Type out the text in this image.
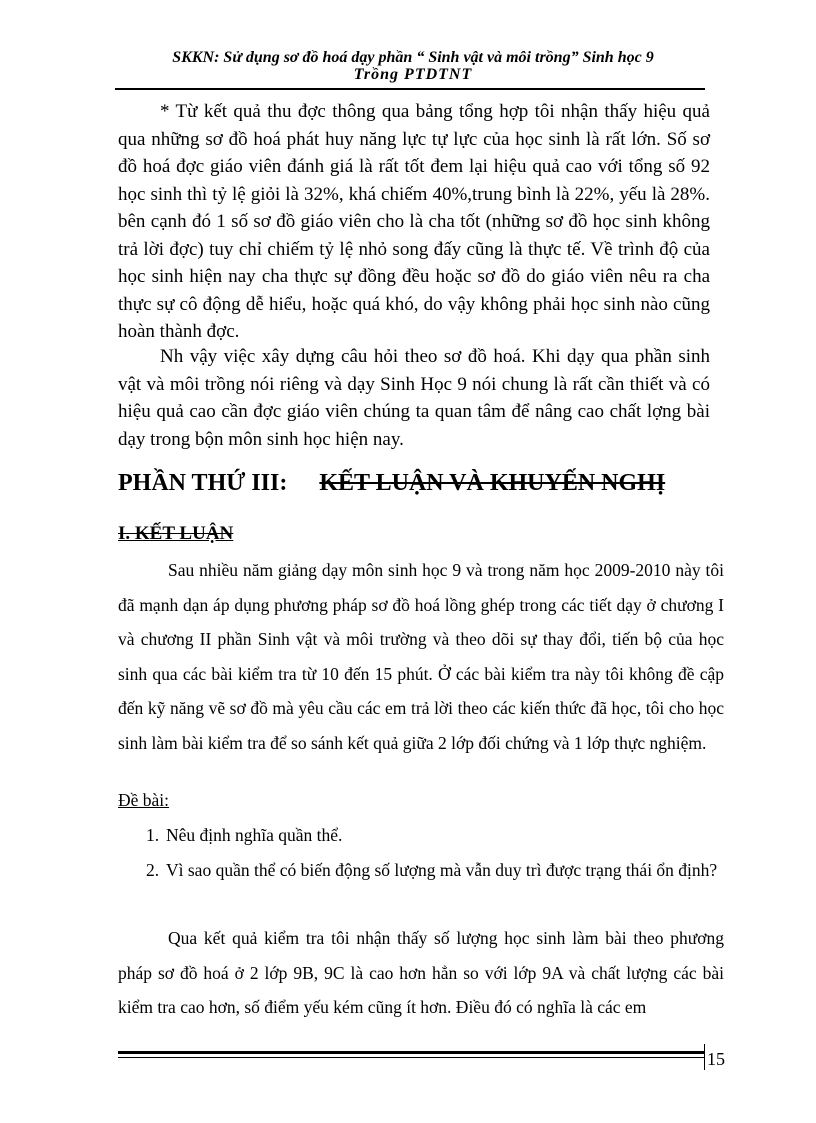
SKKN: Sử dụng sơ đồ hoá dạy phần “ Sinh vật và môi trồng” Sinh học 9
Trồng PTDTNT

* Từ kết quả thu đợc thông qua bảng tổng hợp tôi nhận thấy hiệu quả qua những sơ đồ hoá phát huy năng lực tự lực của học sinh là rất lớn. Số sơ đồ hoá đợc giáo viên đánh giá là rất tốt đem lại hiệu quả cao với tổng số 92 học sinh thì tỷ lệ giỏi là 32%, khá chiếm 40%,trung bình là 22%, yếu là 28%. bên cạnh đó 1 số sơ đồ giáo viên cho là cha tốt (những sơ đồ học sinh không trả lời đợc) tuy chỉ chiếm tỷ lệ nhỏ song đấy cũng là thực tế. Về trình độ của học sinh hiện nay cha thực sự đồng đều hoặc sơ đồ do giáo viên nêu ra cha thực sự cô động dễ hiểu, hoặc quá khó, do vậy không phải học sinh nào cũng hoàn thành đợc.

Nh vậy việc xây dựng câu hỏi theo sơ đồ hoá. Khi dạy qua phần sinh vật và môi trồng nói riêng và dạy Sinh Học 9 nói chung là rất cần thiết và có hiệu quả cao cần đợc giáo viên chúng ta quan tâm để nâng cao chất lợng bài dạy trong bộn môn sinh học hiện nay.

PHẦN THỨ III: KẾT LUẬN VÀ KHUYẾN NGHỊ
I. KẾT LUẬN

Sau nhiều năm giảng dạy môn sinh học 9 và trong năm học 2009-2010 này tôi đã mạnh dạn áp dụng phương pháp sơ đồ hoá lồng ghép trong các tiết dạy ở chương I và chương II phần Sinh vật và môi trường và theo dõi sự thay đổi, tiến bộ của học sinh qua các bài kiểm tra từ 10 đến 15 phút. Ở các bài kiểm tra này tôi không đề cập đến kỹ năng vẽ sơ đồ mà yêu cầu các em trả lời theo các kiến thức đã học, tôi cho học sinh làm bài kiểm tra để so sánh kết quả giữa 2 lớp đối chứng và 1 lớp thực nghiệm.

Đề bài:

1. Nêu định nghĩa quần thể.
2. Vì sao quần thể có biến động số lượng mà vẫn duy trì được trạng thái ổn định?

Qua kết quả kiểm tra tôi nhận thấy số lượng học sinh làm bài theo phương pháp sơ đồ hoá ở 2 lớp 9B, 9C là cao hơn hẳn so với lớp 9A và chất lượng các bài kiểm tra cao hơn, số điểm yếu kém cũng ít hơn. Điều đó có nghĩa là các em

15
